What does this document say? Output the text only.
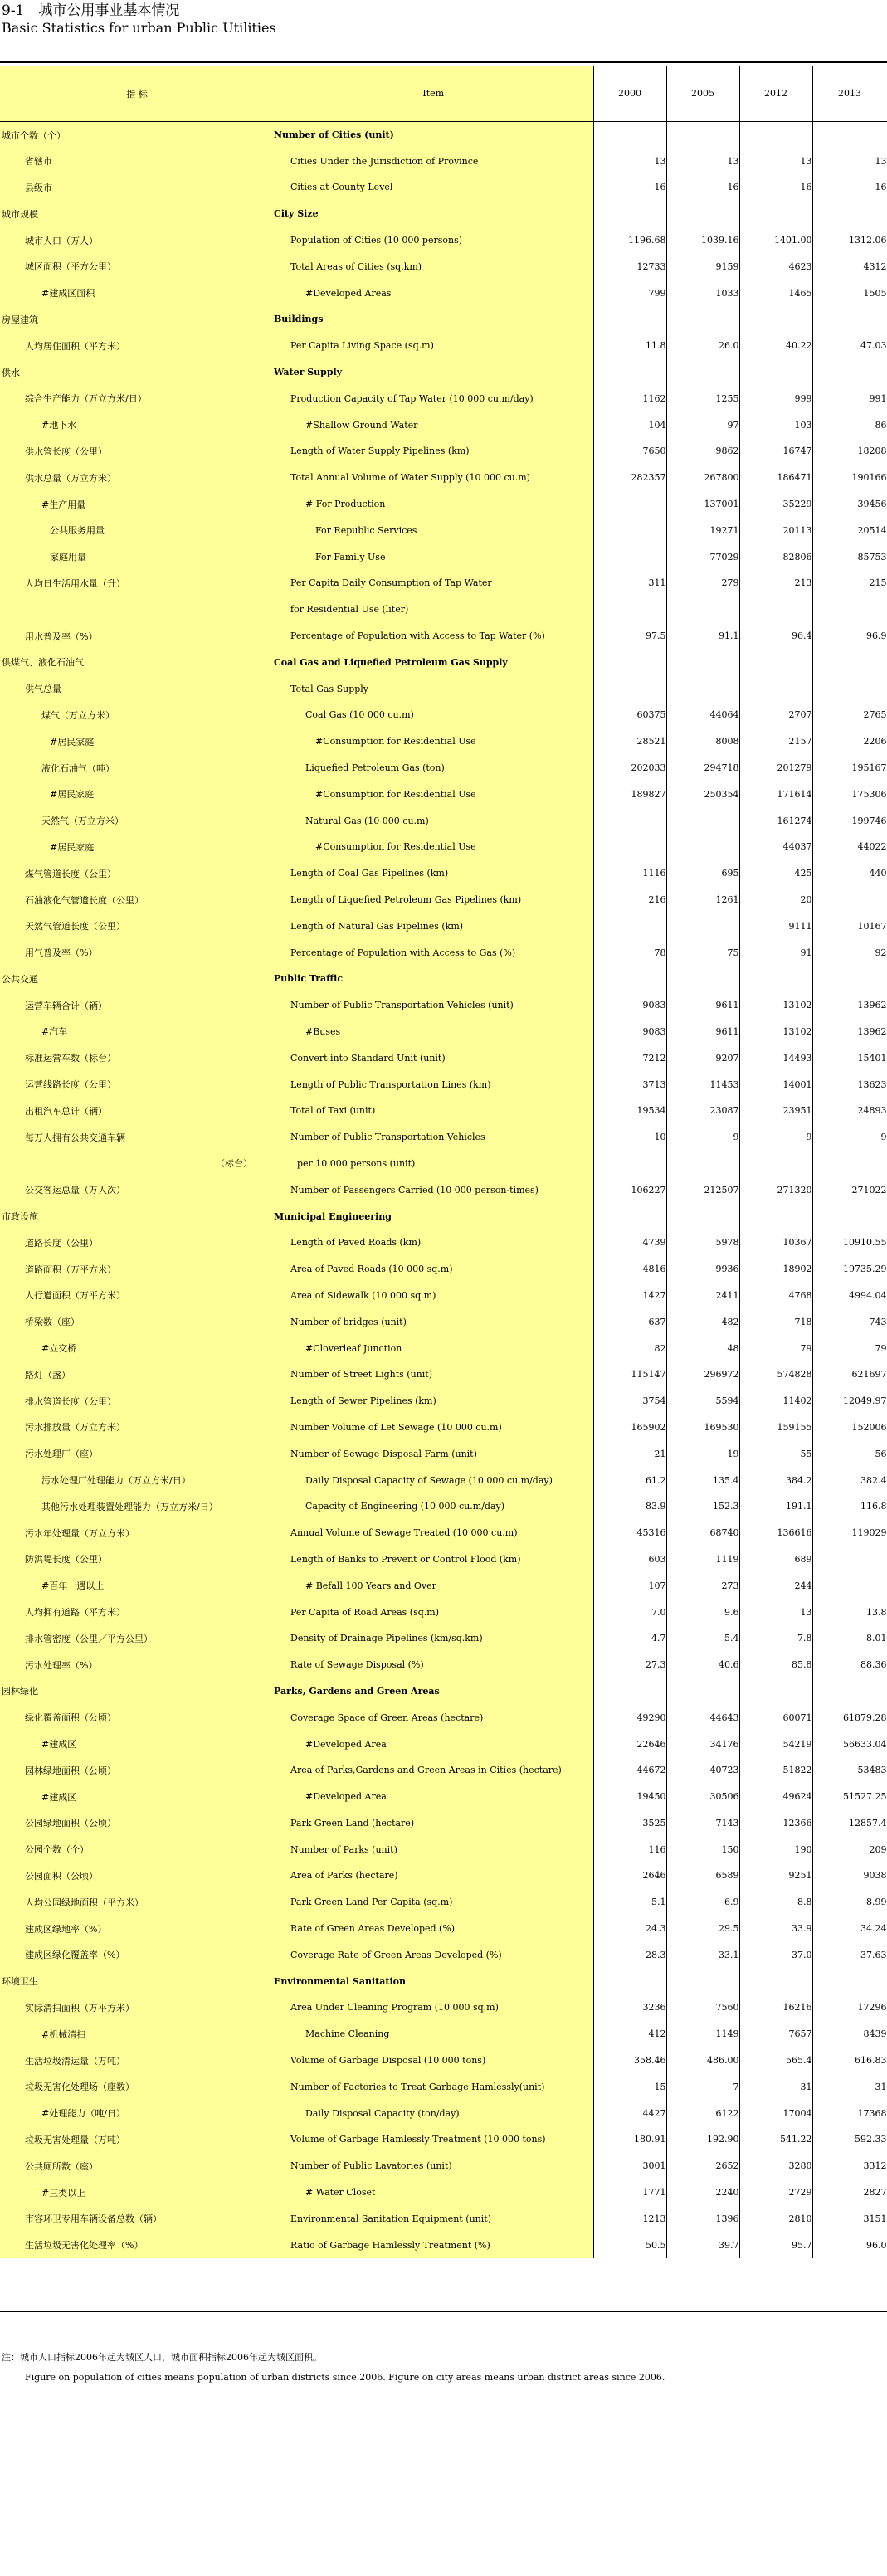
9-1　城市公用事业基本情况
Basic Statistics for urban Public Utilities
指 标	Item	2000	2005	2012	2013
城市个数（个）	Number of Cities (unit)				
省辖市	Cities Under the Jurisdiction of Province	13	13	13	13
县级市	Cities at County Level	16	16	16	16
城市规模	City Size				
城市人口（万人）	Population of Cities (10 000 persons)	1196.68	1039.16	1401.00	1312.06
城区面积（平方公里）	Total Areas of Cities (sq.km)	12733	9159	4623	4312
#建成区面积	#Developed Areas	799	1033	1465	1505
房屋建筑	Buildings				
人均居住面积（平方米）	Per Capita Living Space (sq.m)	11.8	26.0	40.22	47.03
供水	Water Supply				
综合生产能力（万立方米/日）	Production Capacity of Tap Water (10 000 cu.m/day)	1162	1255	999	991
#地下水	#Shallow Ground Water	104	97	103	86
供水管长度（公里）	Length of Water Supply Pipelines (km)	7650	9862	16747	18208
供水总量（万立方米）	Total Annual Volume of Water Supply (10 000 cu.m)	282357	267800	186471	190166
#生产用量	# For Production		137001	35229	39456
公共服务用量	For Republic Services		19271	20113	20514
家庭用量	For Family Use		77029	82806	85753
人均日生活用水量（升）	Per Capita Daily Consumption of Tap Water	311	279	213	215
	for Residential Use (liter)				
用水普及率（%）	Percentage of Population with Access to Tap Water (%)	97.5	91.1	96.4	96.9
供煤气、液化石油气	Coal Gas and Liquefied Petroleum Gas Supply				
供气总量	Total Gas Supply				
煤气（万立方米）	Coal Gas (10 000 cu.m)	60375	44064	2707	2765
#居民家庭	#Consumption for Residential Use	28521	8008	2157	2206
液化石油气（吨）	Liquefied Petroleum Gas (ton)	202033	294718	201279	195167
#居民家庭	#Consumption for Residential Use	189827	250354	171614	175306
天然气（万立方米）	Natural Gas (10 000 cu.m)			161274	199746
#居民家庭	#Consumption for Residential Use			44037	44022
煤气管道长度（公里）	Length of Coal Gas Pipelines (km)	1116	695	425	440
石油液化气管道长度（公里）	Length of Liquefied Petroleum Gas Pipelines (km)	216	1261	20	
天然气管道长度（公里）	Length of Natural Gas Pipelines (km)			9111	10167
用气普及率（%）	Percentage of Population with Access to Gas (%)	78	75	91	92
公共交通	Public Traffic				
运营车辆合计（辆）	Number of Public Transportation Vehicles (unit)	9083	9611	13102	13962
#汽车	#Buses	9083	9611	13102	13962
标准运营车数（标台）	Convert into Standard Unit (unit)	7212	9207	14493	15401
运营线路长度（公里）	Length of Public Transportation Lines (km)	3713	11453	14001	13623
出租汽车总计（辆）	Total of Taxi (unit)	19534	23087	23951	24893
每万人拥有公共交通车辆	Number of Public Transportation Vehicles	10	9	9	9
（标台）	per 10 000 persons (unit)				
公交客运总量（万人次）	Number of Passengers Carried (10 000 person-times)	106227	212507	271320	271022
市政设施	Municipal Engineering				
道路长度（公里）	Length of Paved Roads (km)	4739	5978	10367	10910.55
道路面积（万平方米）	Area of Paved Roads (10 000 sq.m)	4816	9936	18902	19735.29
人行道面积（万平方米）	Area of Sidewalk (10 000 sq.m)	1427	2411	4768	4994.04
桥梁数（座）	Number of bridges (unit)	637	482	718	743
#立交桥	#Cloverleaf Junction	82	48	79	79
路灯（盏）	Number of Street Lights (unit)	115147	296972	574828	621697
排水管道长度（公里）	Length of Sewer Pipelines (km)	3754	5594	11402	12049.97
污水排放量（万立方米）	Number Volume of Let Sewage (10 000 cu.m)	165902	169530	159155	152006
污水处理厂（座）	Number of Sewage Disposal Farm (unit)	21	19	55	56
污水处理厂处理能力（万立方米/日）	Daily Disposal Capacity of Sewage (10 000 cu.m/day)	61.2	135.4	384.2	382.4
其他污水处理装置处理能力（万立方米/日）	Capacity of Engineering (10 000 cu.m/day)	83.9	152.3	191.1	116.8
污水年处理量（万立方米）	Annual Volume of Sewage Treated (10 000 cu.m)	45316	68740	136616	119029
防洪堤长度（公里）	Length of Banks to Prevent or Control Flood (km)	603	1119	689	
#百年一遇以上	# Befall 100 Years and Over	107	273	244	
人均拥有道路（平方米）	Per Capita of Road Areas (sq.m)	7.0	9.6	13	13.8
排水管密度（公里／平方公里）	Density of Drainage Pipelines (km/sq.km)	4.7	5.4	7.8	8.01
污水处理率（%）	Rate of Sewage Disposal (%)	27.3	40.6	85.8	88.36
园林绿化	Parks, Gardens and Green Areas				
绿化覆盖面积（公顷）	Coverage Space of Green Areas (hectare)	49290	44643	60071	61879.28
#建成区	#Developed Area	22646	34176	54219	56633.04
园林绿地面积（公顷）	Area of Parks,Gardens and Green Areas in Cities (hectare)	44672	40723	51822	53483
#建成区	#Developed Area	19450	30506	49624	51527.25
公园绿地面积（公顷）	Park Green Land (hectare)	3525	7143	12366	12857.4
公园个数（个）	Number of Parks (unit)	116	150	190	209
公园面积（公顷）	Area of Parks (hectare)	2646	6589	9251	9038
人均公园绿地面积（平方米）	Park Green Land Per Capita (sq.m)	5.1	6.9	8.8	8.99
建成区绿地率（%）	Rate of Green Areas Developed (%)	24.3	29.5	33.9	34.24
建成区绿化覆盖率（%）	Coverage Rate of Green Areas Developed (%)	28.3	33.1	37.0	37.63
环境卫生	Environmental Sanitation				
实际清扫面积（万平方米）	Area Under Cleaning Program (10 000 sq.m)	3236	7560	16216	17296
#机械清扫	Machine Cleaning	412	1149	7657	8439
生活垃圾清运量（万吨）	Volume of Garbage Disposal (10 000 tons)	358.46	486.00	565.4	616.83
垃圾无害化处理场（座数）	Number of Factories to Treat Garbage Hamlessly(unit)	15	7	31	31
#处理能力（吨/日）	Daily Disposal Capacity (ton/day)	4427	6122	17004	17368
垃圾无害处理量（万吨）	Volume of Garbage Hamlessly Treatment (10 000 tons)	180.91	192.90	541.22	592.33
公共厕所数（座）	Number of Public Lavatories (unit)	3001	2652	3280	3312
#三类以上	# Water Closet	1771	2240	2729	2827
市容环卫专用车辆设备总数（辆）	Environmental Sanitation Equipment (unit)	1213	1396	2810	3151
生活垃圾无害化处理率（%）	Ratio of Garbage Hamlessly Treatment (%)	50.5	39.7	95.7	96.0
注：城市人口指标2006年起为城区人口，城市面积指标2006年起为城区面积。
Figure on population of cities means population of urban districts since 2006. Figure on city areas means urban district areas since 2006.
